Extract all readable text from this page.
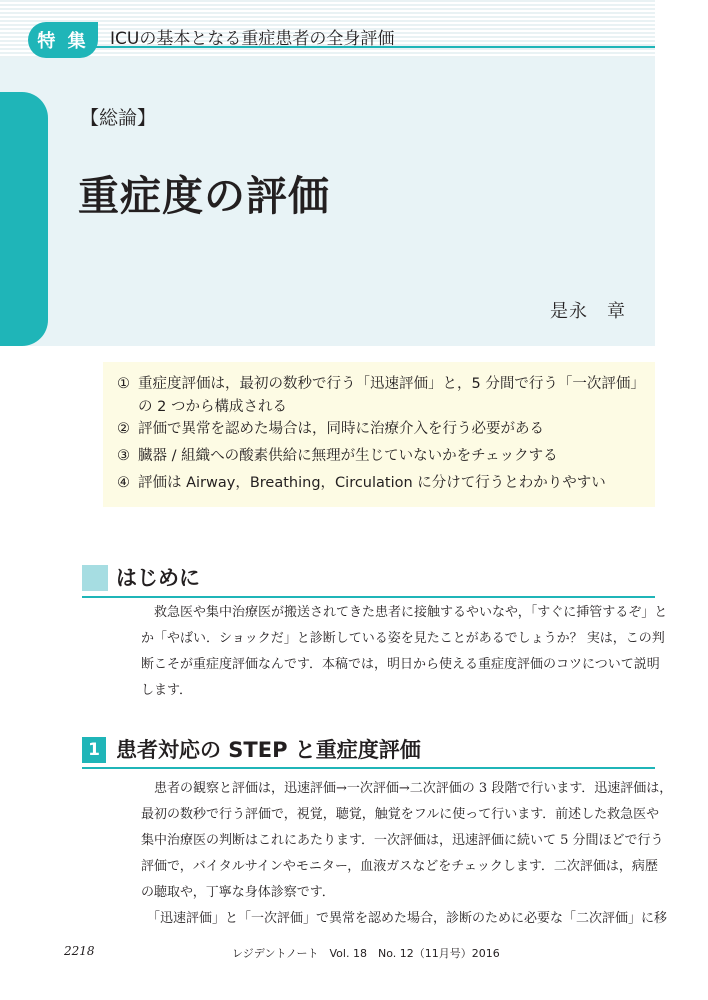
特 集	ICUの基本となる重症患者の全身評価
【総論】
重症度の評価
是永　章
① 重症度評価は，最初の数秒で行う「迅速評価」と，5 分間で行う「一次評価」
の 2 つから構成される
② 評価で異常を認めた場合は，同時に治療介入を行う必要がある
③ 臓器 / 組織への酸素供給に無理が生じていないかをチェックする
④ 評価は Airway，Breathing，Circulation に分けて行うとわかりやすい
はじめに
救急医や集中治療医が搬送されてきた患者に接触するやいなや，「すぐに挿管するぞ」と
か「やばい．ショックだ」と診断している姿を見たことがあるでしょうか？ 実は，この判
断こそが重症度評価なんです．本稿では，明日から使える重症度評価のコツについて説明
します．
1 患者対応の STEP と重症度評価
患者の観察と評価は，迅速評価→一次評価→二次評価の 3 段階で行います．迅速評価は，
最初の数秒で行う評価で，視覚，聴覚，触覚をフルに使って行います．前述した救急医や
集中治療医の判断はこれにあたります．一次評価は，迅速評価に続いて 5 分間ほどで行う
評価で，バイタルサインやモニター，血液ガスなどをチェックします．二次評価は，病歴
の聴取や，丁寧な身体診察です．
「迅速評価」と「一次評価」で異常を認めた場合，診断のために必要な「二次評価」に移
2218	レジデントノート　Vol. 18　No. 12（11月号）2016
